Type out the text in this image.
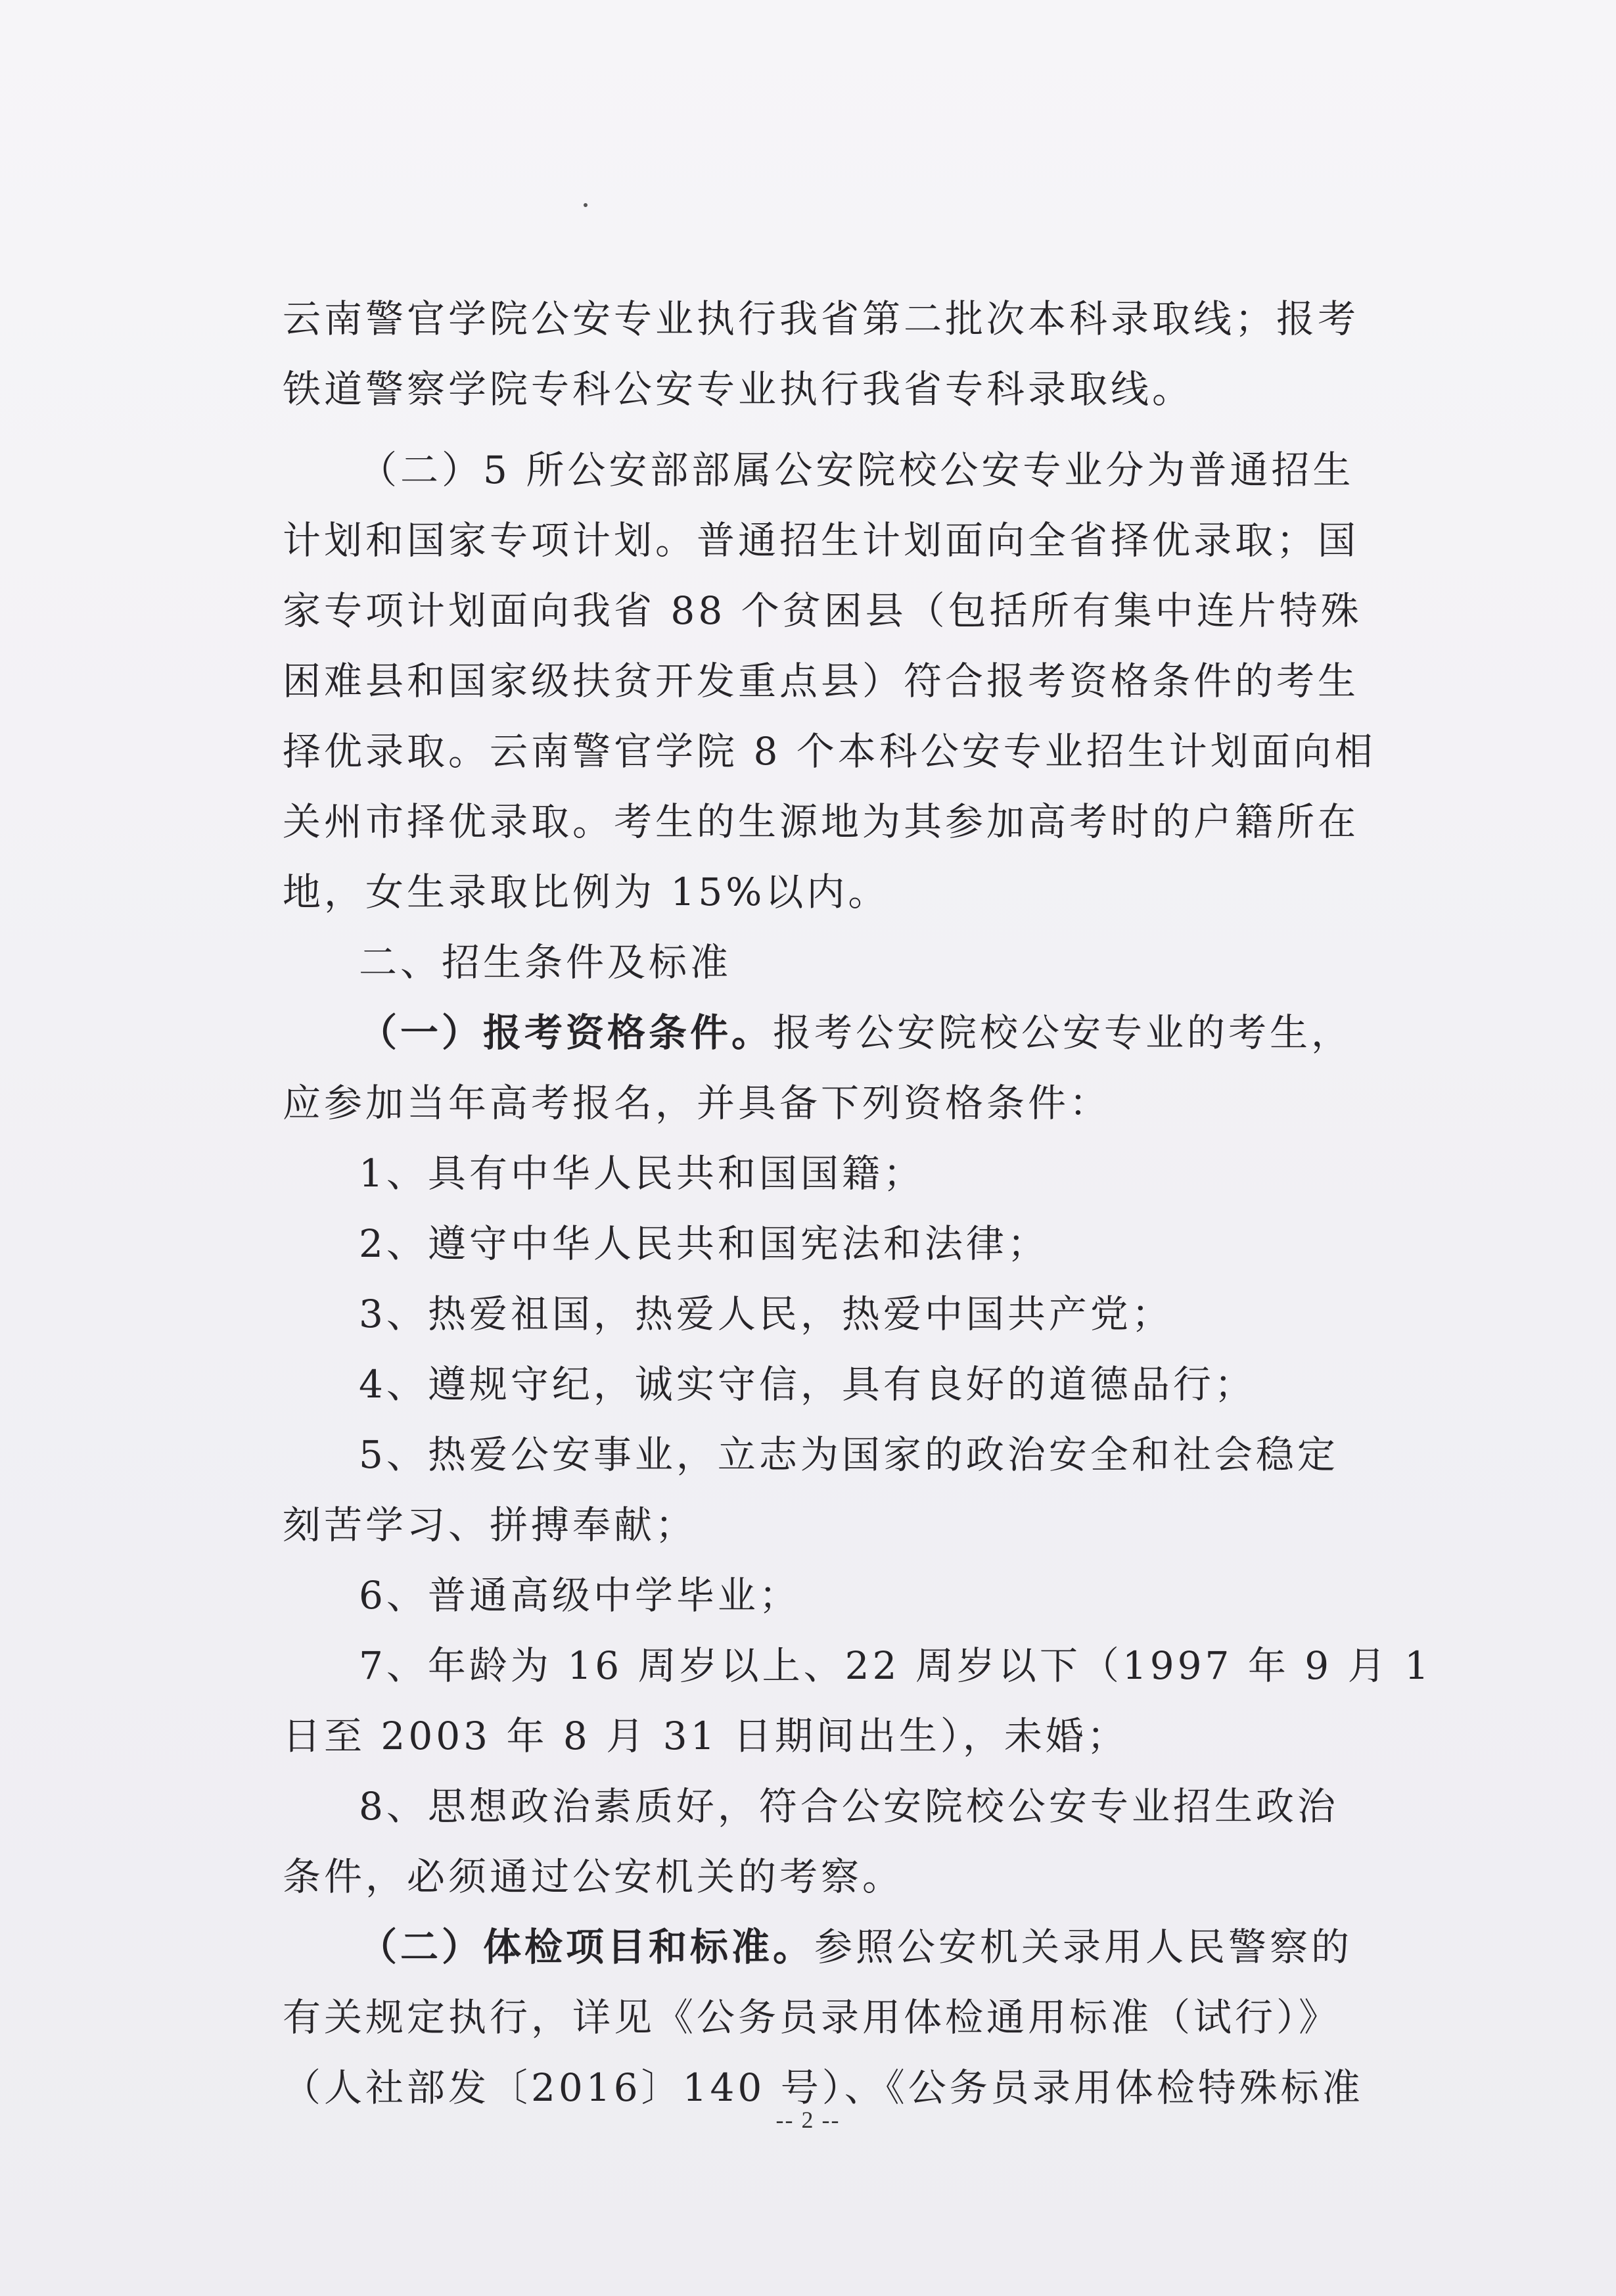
云南警官学院公安专业执行我省第二批次本科录取线；报考
铁道警察学院专科公安专业执行我省专科录取线。
（二）5 所公安部部属公安院校公安专业分为普通招生
计划和国家专项计划。普通招生计划面向全省择优录取；国
家专项计划面向我省 88 个贫困县（包括所有集中连片特殊
困难县和国家级扶贫开发重点县）符合报考资格条件的考生
择优录取。云南警官学院 8 个本科公安专业招生计划面向相
关州市择优录取。考生的生源地为其参加高考时的户籍所在
地，女生录取比例为 15%以内。
二、招生条件及标准
（一）报考资格条件。报考公安院校公安专业的考生，
应参加当年高考报名，并具备下列资格条件：
1、具有中华人民共和国国籍；
2、遵守中华人民共和国宪法和法律；
3、热爱祖国，热爱人民，热爱中国共产党；
4、遵规守纪，诚实守信，具有良好的道德品行；
5、热爱公安事业，立志为国家的政治安全和社会稳定
刻苦学习、拼搏奉献；
6、普通高级中学毕业；
7、年龄为 16 周岁以上、22 周岁以下（1997 年 9 月 1
日至 2003 年 8 月 31 日期间出生），未婚；
8、思想政治素质好，符合公安院校公安专业招生政治
条件，必须通过公安机关的考察。
（二）体检项目和标准。参照公安机关录用人民警察的
有关规定执行，详见《公务员录用体检通用标准（试行）》
（人社部发〔2016〕140 号）、《公务员录用体检特殊标准
-- 2 --
